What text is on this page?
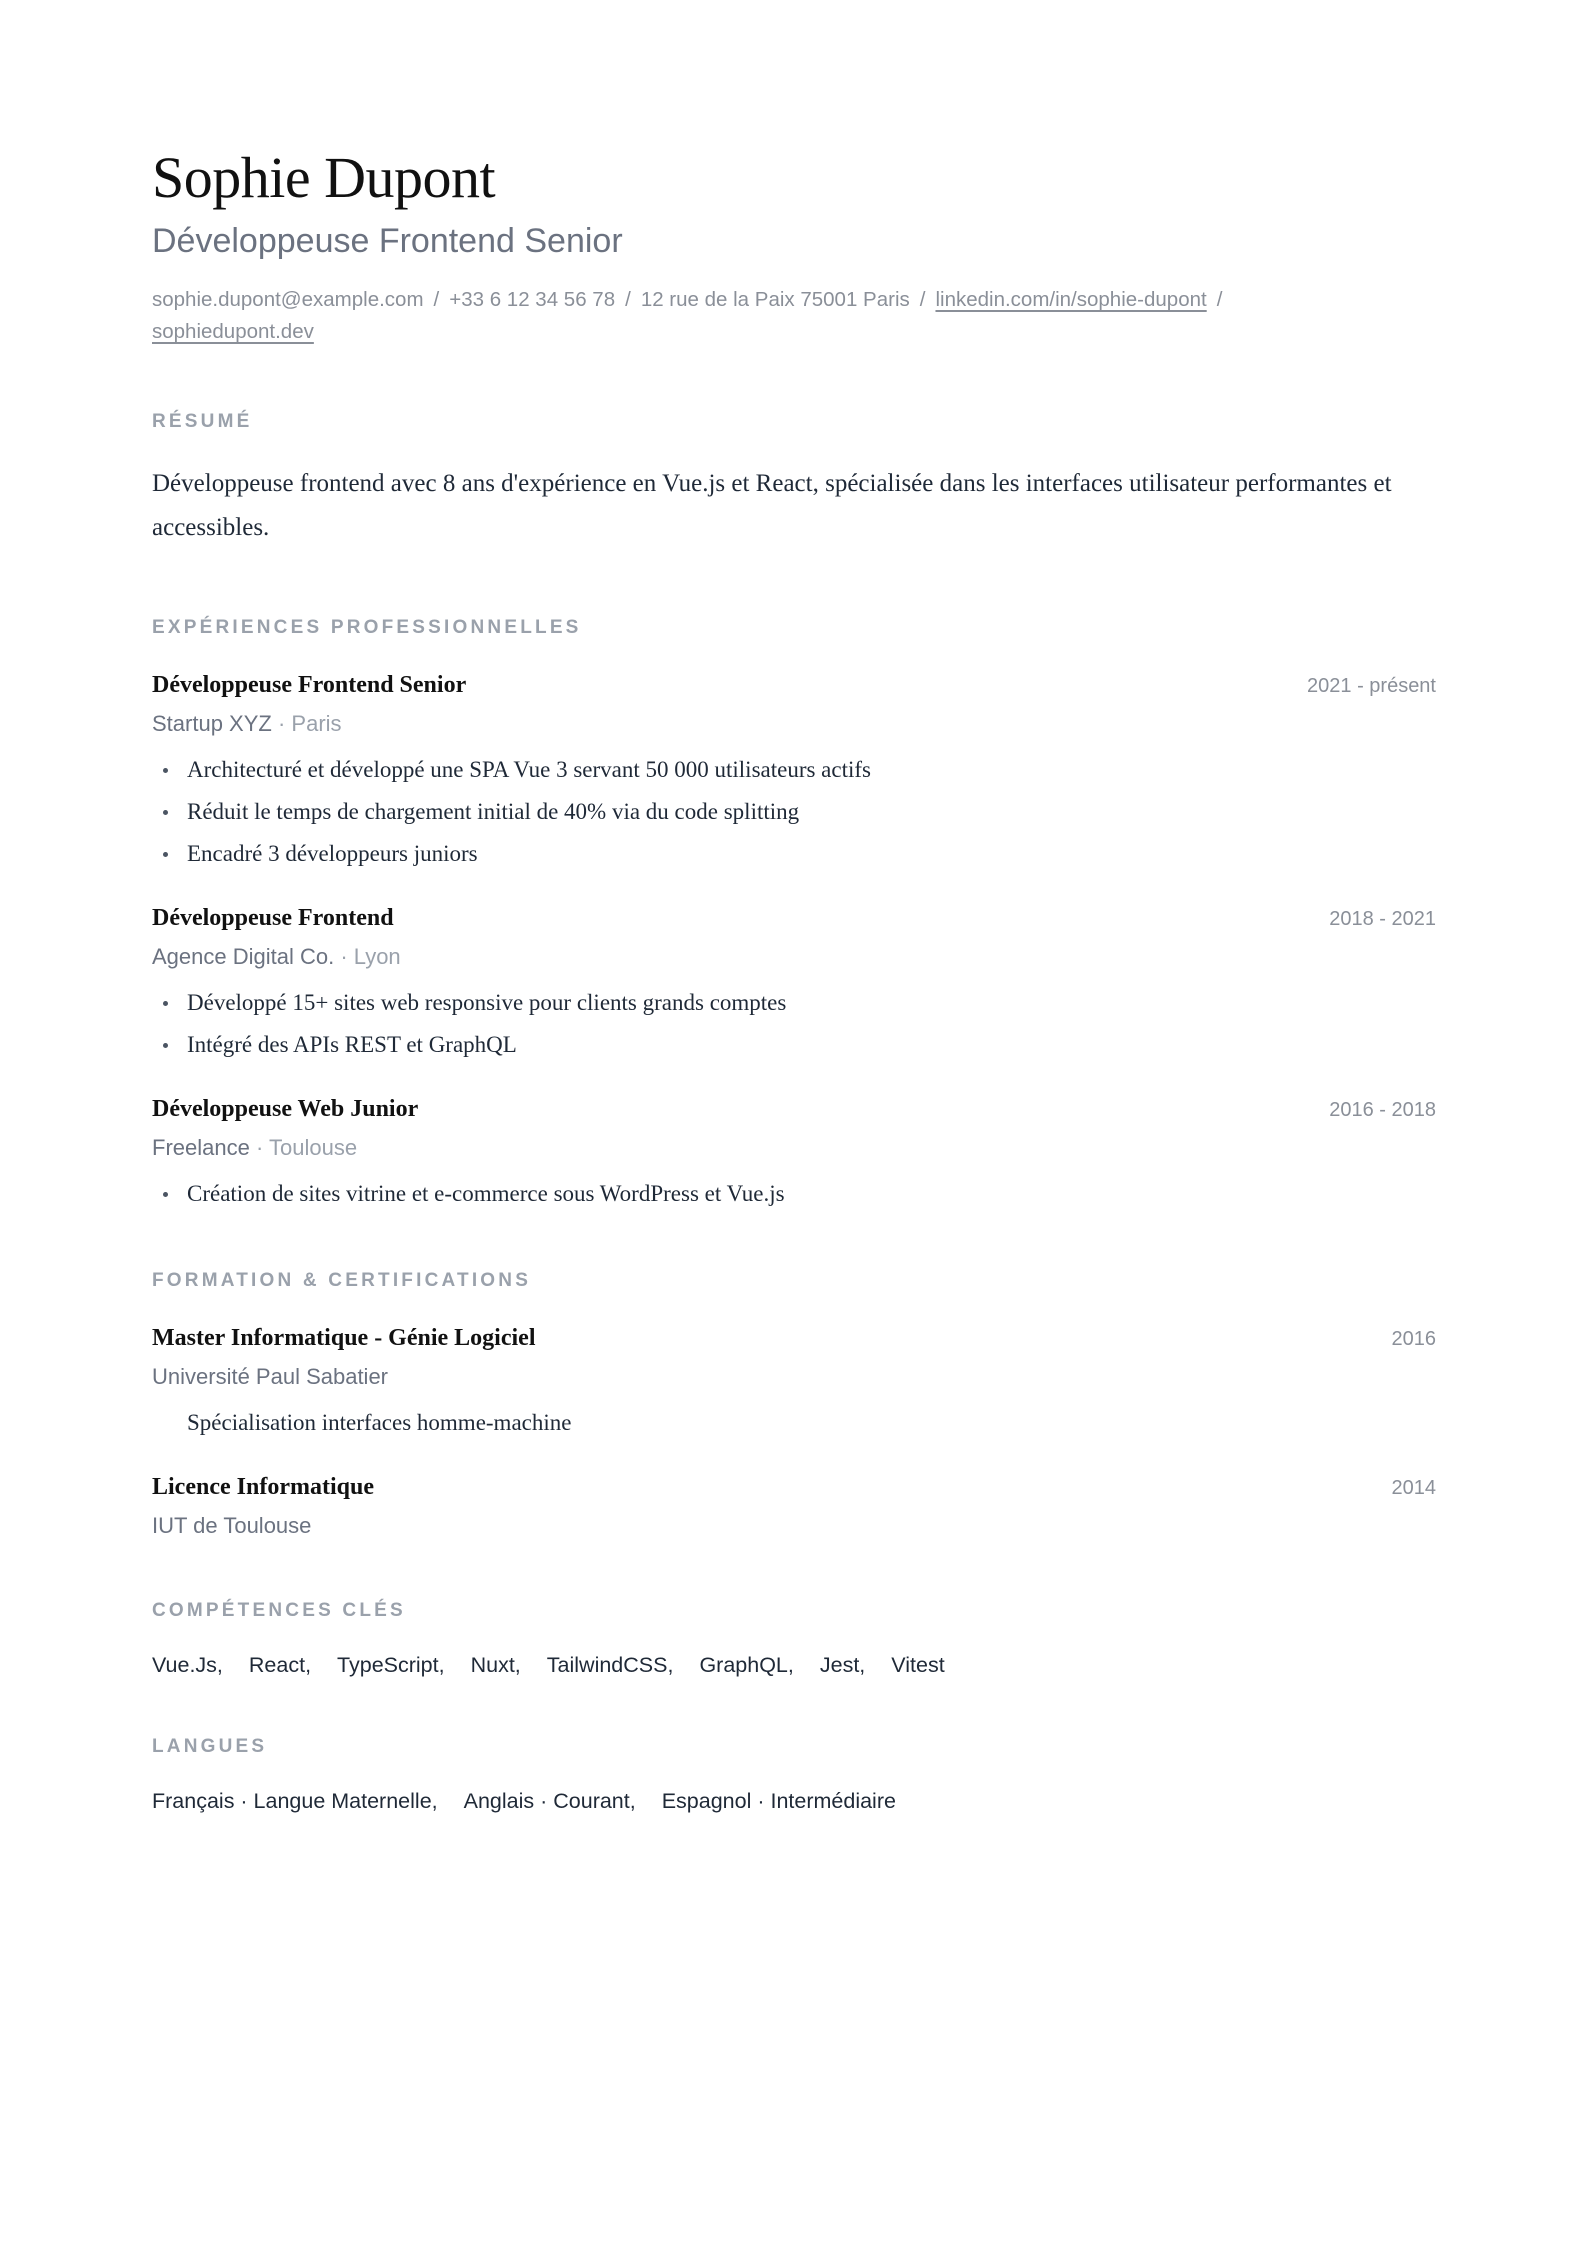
Sophie Dupont
Développeuse Frontend Senior
sophie.dupont@example.com / +33 6 12 34 56 78 / 12 rue de la Paix 75001 Paris / linkedin.com/in/sophie-dupont /
sophiedupont.dev
RÉSUMÉ
Développeuse frontend avec 8 ans d'expérience en Vue.js et React, spécialisée dans les interfaces utilisateur performantes et accessibles.
EXPÉRIENCES PROFESSIONNELLES
Développeuse Frontend Senior	2021 - présent
Startup XYZ · Paris
Architecturé et développé une SPA Vue 3 servant 50 000 utilisateurs actifs
Réduit le temps de chargement initial de 40% via du code splitting
Encadré 3 développeurs juniors
Développeuse Frontend	2018 - 2021
Agence Digital Co. · Lyon
Développé 15+ sites web responsive pour clients grands comptes
Intégré des APIs REST et GraphQL
Développeuse Web Junior	2016 - 2018
Freelance · Toulouse
Création de sites vitrine et e-commerce sous WordPress et Vue.js
FORMATION & CERTIFICATIONS
Master Informatique - Génie Logiciel	2016
Université Paul Sabatier
Spécialisation interfaces homme-machine
Licence Informatique	2014
IUT de Toulouse
COMPÉTENCES CLÉS
Vue.Js, React, TypeScript, Nuxt, TailwindCSS, GraphQL, Jest, Vitest
LANGUES
Français · Langue Maternelle, Anglais · Courant, Espagnol · Intermédiaire
